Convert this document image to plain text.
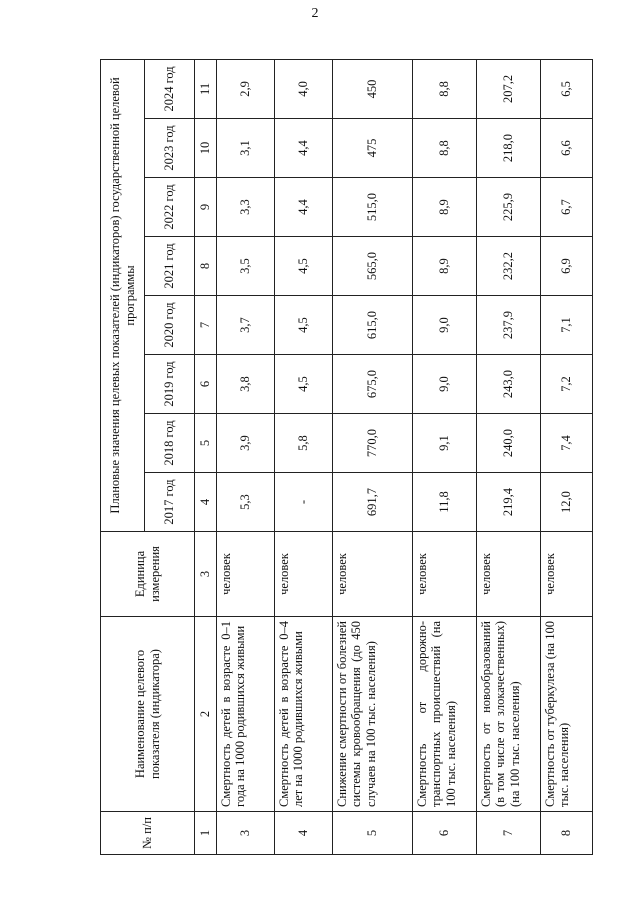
2
№ п/п	Наименование целевого показателя (индикатора)	Единица измерения	Плановые значения целевых показателей (индикаторов) государственной целевой программы							
			2017 год	2018 год	2019 год	2020 год	2021 год	2022 год	2023 год	2024 год
1	2	3	4	5	6	7	8	9	10	11
3	Смертность детей в возрасте 0–1 года на 1000 родившихся живыми	человек	5,3	3,9	3,8	3,7	3,5	3,3	3,1	2,9
4	Смертность детей в возрасте 0–4 лет на 1000 родившихся живыми	человек	-	5,8	4,5	4,5	4,5	4,4	4,4	4,0
5	Снижение смертности от болезней системы кровообращения (до 450 случаев на 100 тыс. населения)	человек	691,7	770,0	675,0	615,0	565,0	515,0	475	450
6	Смертность от дорожно-транспортных происшествий (на 100 тыс. населения)	человек	11,8	9,1	9,0	9,0	8,9	8,9	8,8	8,8
7	Смертность от новообразований (в том числе от злокачественных) (на 100 тыс. населения)	человек	219,4	240,0	243,0	237,9	232,2	225,9	218,0	207,2
8	Смертность от туберкулеза (на 100 тыс. населения)	человек	12,0	7,4	7,2	7,1	6,9	6,7	6,6	6,5
